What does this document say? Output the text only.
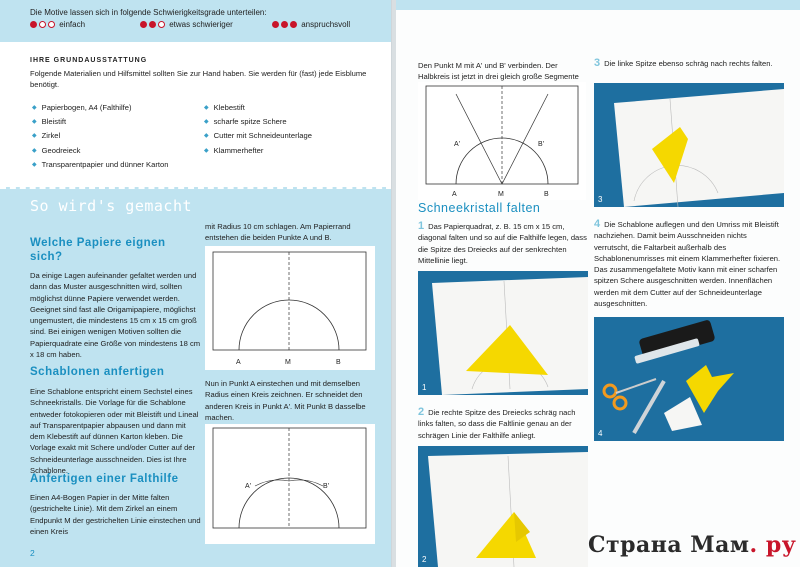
Die Motive lassen sich in folgende Schwierigkeitsgrade unterteilen:
einfach	etwas schwieriger	anspruchsvoll
IHRE GRUNDAUSSTATTUNG
Folgende Materialien und Hilfsmittel sollten Sie zur Hand haben. Sie werden für (fast) jede Eisblume benötigt.
◆ Papierbogen, A4 (Falthilfe)
◆ Bleistift
◆ Zirkel
◆ Geodreieck
◆ Transparentpapier und dünner Karton
◆ Klebestift
◆ scharfe spitze Schere
◆ Cutter mit Schneideunterlage
◆ Klammerhefter
So wird's gemacht
Welche Papiere eignen sich?
Da einige Lagen aufeinander gefaltet werden und dann das Muster ausgeschnitten wird, sollten möglichst dünne Papiere verwendet werden. Geeignet sind fast alle Origamipapiere, möglichst ungemustert, die mindestens 15 cm x 15 cm groß sind. Bei einigen wenigen Motiven sollten die Papierquadrate eine Größe von mindestens 18 cm x 18 cm haben.
Schablonen anfertigen
Eine Schablone entspricht einem Sechstel eines Schneekristalls. Die Vorlage für die Schablone entweder fotokopieren oder mit Bleistift und Lineal auf Transparentpapier abpausen und dann mit dem Klebestift auf dünnen Karton kleben. Die Vorlage exakt mit Schere und/oder Cutter auf der Schneideunterlage ausschneiden. Dies ist Ihre Schablone.
Anfertigen einer Falthilfe
Einen A4-Bogen Papier in der Mitte falten (gestrichelte Linie). Mit dem Zirkel an einem Endpunkt M der gestrichelten Linie einstechen und einen Kreis
mit Radius 10 cm schlagen. Am Papierrand entstehen die beiden Punkte A und B.
A	M	B
Nun in Punkt A einstechen und mit demselben Radius einen Kreis zeichnen. Er schneidet den anderen Kreis in Punkt A'. Mit Punkt B dasselbe machen.
A'	B'
2
Den Punkt M mit A' und B' verbinden. Der Halbkreis ist jetzt in drei gleich große Segmente
A'	B'
A	M	B
Schneekristall falten
1 Das Papierquadrat, z. B. 15 cm x 15 cm, diagonal falten und so auf die Falthilfe legen, dass die Spitze des Dreiecks auf der senkrechten Mittellinie liegt.
1
2 Die rechte Spitze des Dreiecks schräg nach links falten, so dass die Faltlinie genau an der schrägen Linie der Falthilfe anliegt.
2
3 Die linke Spitze ebenso schräg nach rechts falten.
3
4 Die Schablone auflegen und den Umriss mit Bleistift nachziehen. Damit beim Ausschneiden nichts verrutscht, die Faltarbeit außerhalb des Schablonenumrisses mit einem Klammerhefter fixieren. Das zusammengefaltete Motiv kann mit einer scharfen spitzen Schere ausgeschnitten werden. Innenflächen werden mit dem Cutter auf der Schneideunterlage ausgeschnitten.
4
Страна Мам. ру
